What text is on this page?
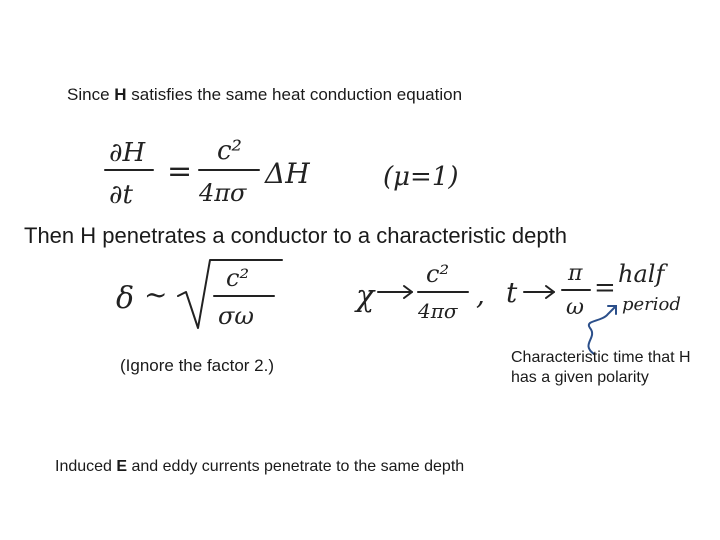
Since H satisfies the same heat conduction equation

∂H
∂t
=
c²
4πσ
ΔH	(μ=1)

Then H penetrates a conductor to a characteristic depth

δ ~ c²
σω
χ
c²
4πσ , t
π
ω
= half
period

(Ignore the factor 2.)	Characteristic time that H has a given polarity

Induced E and eddy currents penetrate to the same depth
